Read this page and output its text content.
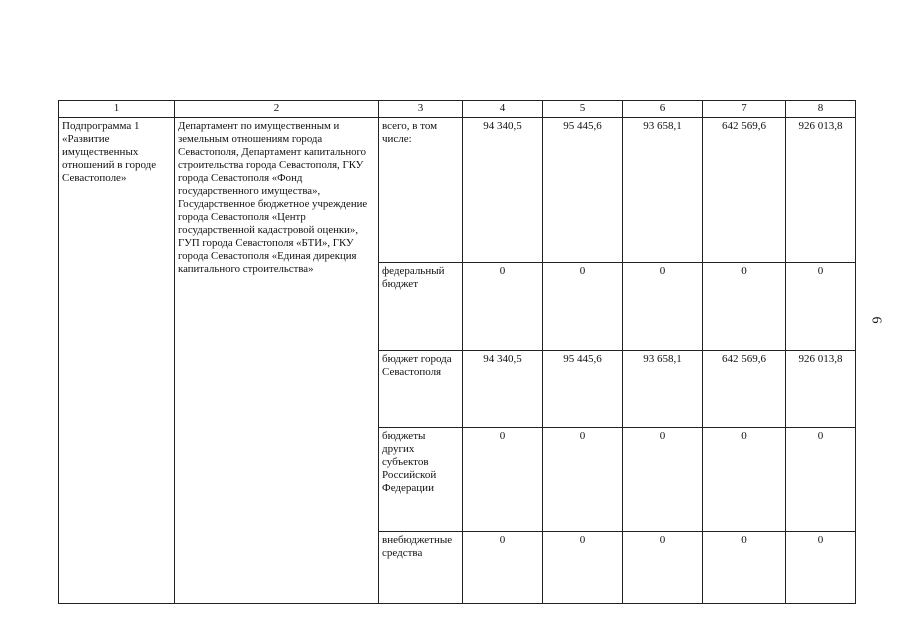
1	2	3	4	5	6	7	8
Подпрограмма 1 «Развитие имущественных отношений в городе Севастополе»	Департамент по имущественным и земельным отношениям города Севастополя, Департамент капитального строительства города Севастополя, ГКУ города Севастополя «Фонд государственного имущества», Государственное бюджетное учреждение города Севастополя «Центр государственной кадастровой оценки», ГУП города Севастополя «БТИ», ГКУ города Севастополя «Единая дирекция капитального строительства»	всего, в том
числе:	94 340,5	95 445,6	93 658,1	642 569,6	926 013,8
		федеральный
бюджет	0	0	0	0	0
		бюджет города
Севастополя	94 340,5	95 445,6	93 658,1	642 569,6	926 013,8
		бюджеты
других
субъектов
Российской
Федерации	0	0	0	0	0
		внебюджетные
средства	0	0	0	0	0
6
